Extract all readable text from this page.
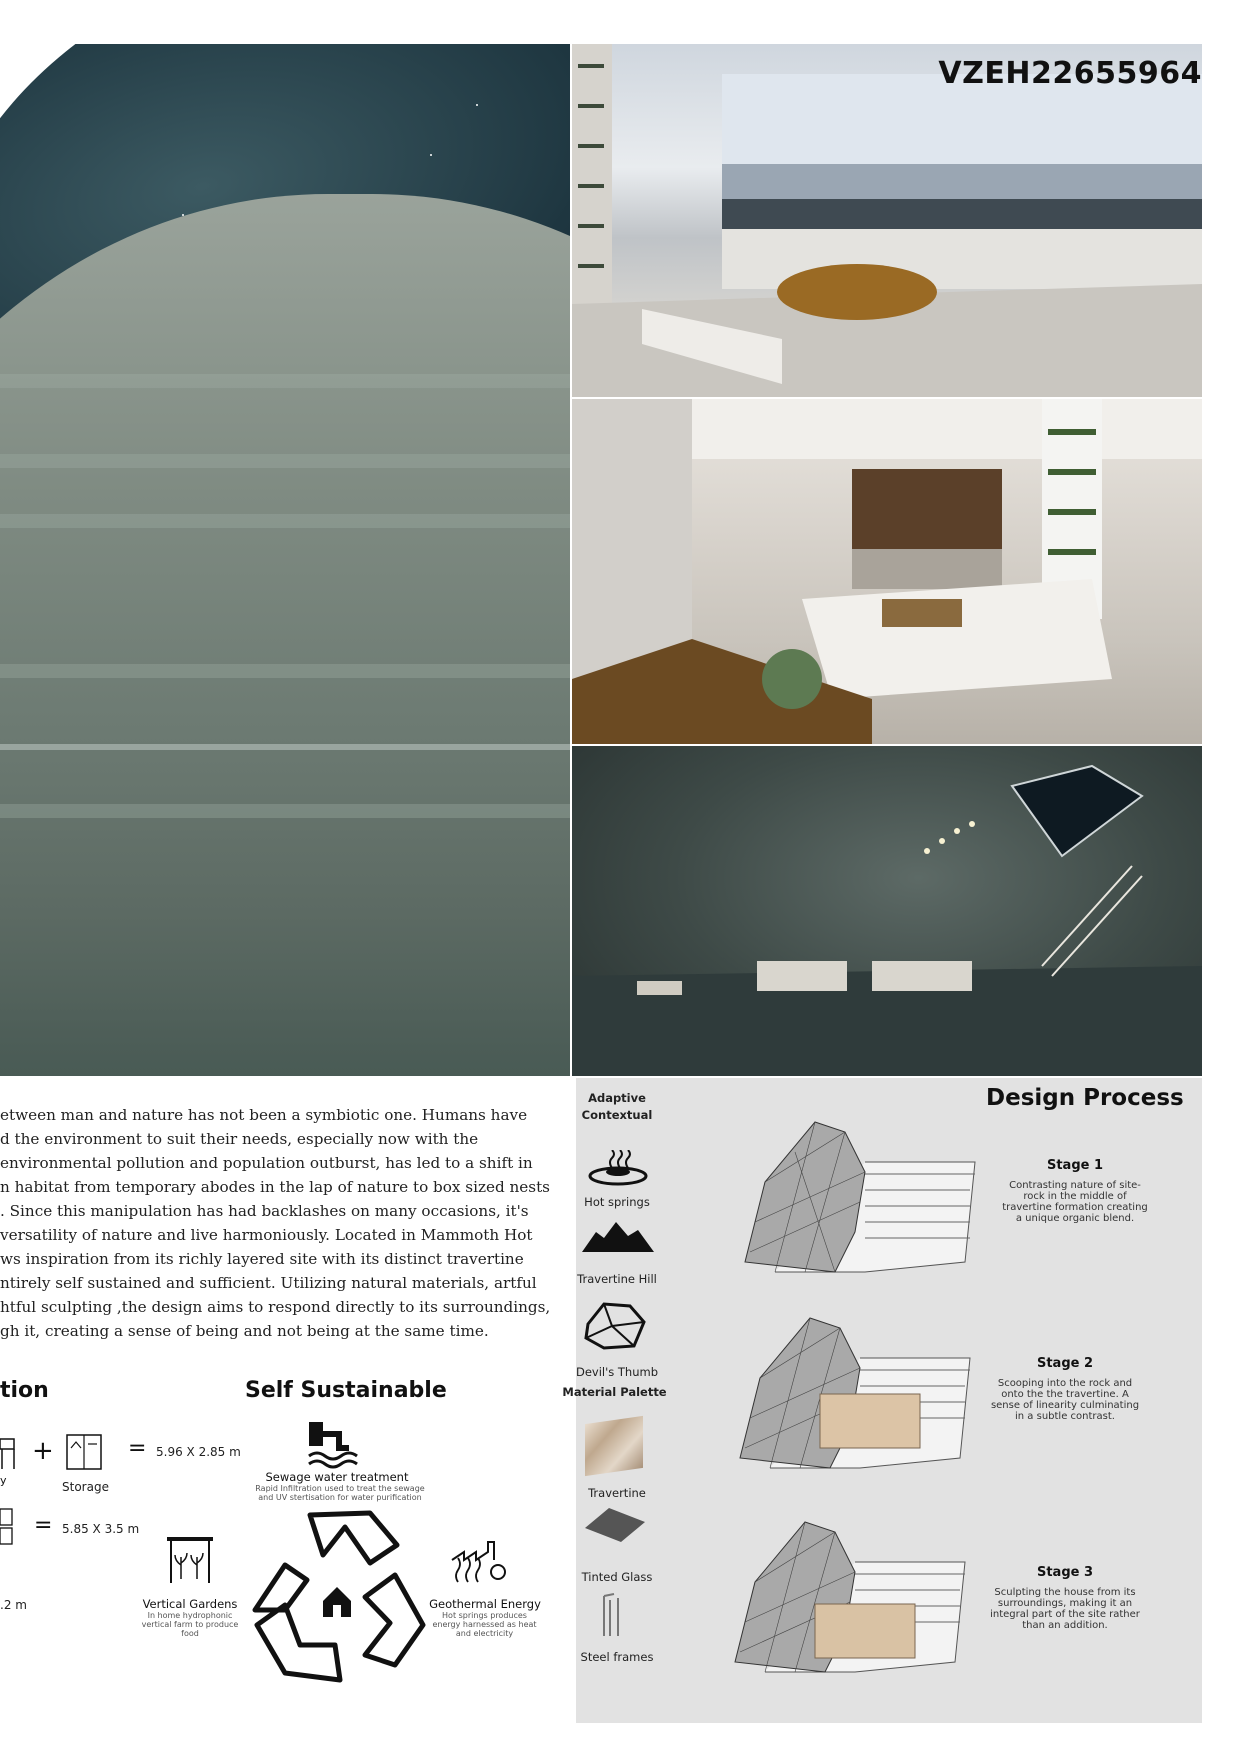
VZEH22655964

etween man and nature has not been a symbiotic one. Humans have

d the environment to suit their needs, especially now with the

environmental pollution and population outburst, has led to a shift in

n habitat from temporary abodes in the lap of nature to box sized nests

. Since this manipulation has had backlashes on many occasions, it's

versatility of nature and live harmoniously. Located in Mammoth Hot

ws inspiration from its richly layered site with its distinct travertine

ntirely self sustained and sufficient. Utilizing natural materials, artful

htful sculpting ,the design aims to respond directly to its surroundings,

gh it, creating a sense of being and not being at the same time.

tion
y
+
Storage
= 5.96 X 2.85 m
= 5.85 X 3.5 m
.2 m
Self Sustainable
Sewage water treatment
Rapid Infiltration used to treat the sewage and UV stertisation for water purification
Vertical Gardens
In home hydrophonic vertical farm to produce food
Geothermal Energy
Hot springs produces energy harnessed as heat and electricity
Adaptive Contextual
Hot springs
Travertine Hill
Devil's Thumb
Material Palette
Travertine
Tinted Glass
Steel frames
Design Process
Stage 1
Contrasting nature of site-rock in the middle of travertine formation creating a unique organic blend.
Stage 2
Scooping into the rock and onto the the travertine. A sense of linearity culminating in a subtle contrast.
Stage 3
Sculpting the house from its surroundings, making it an integral part of the site rather than an addition.
